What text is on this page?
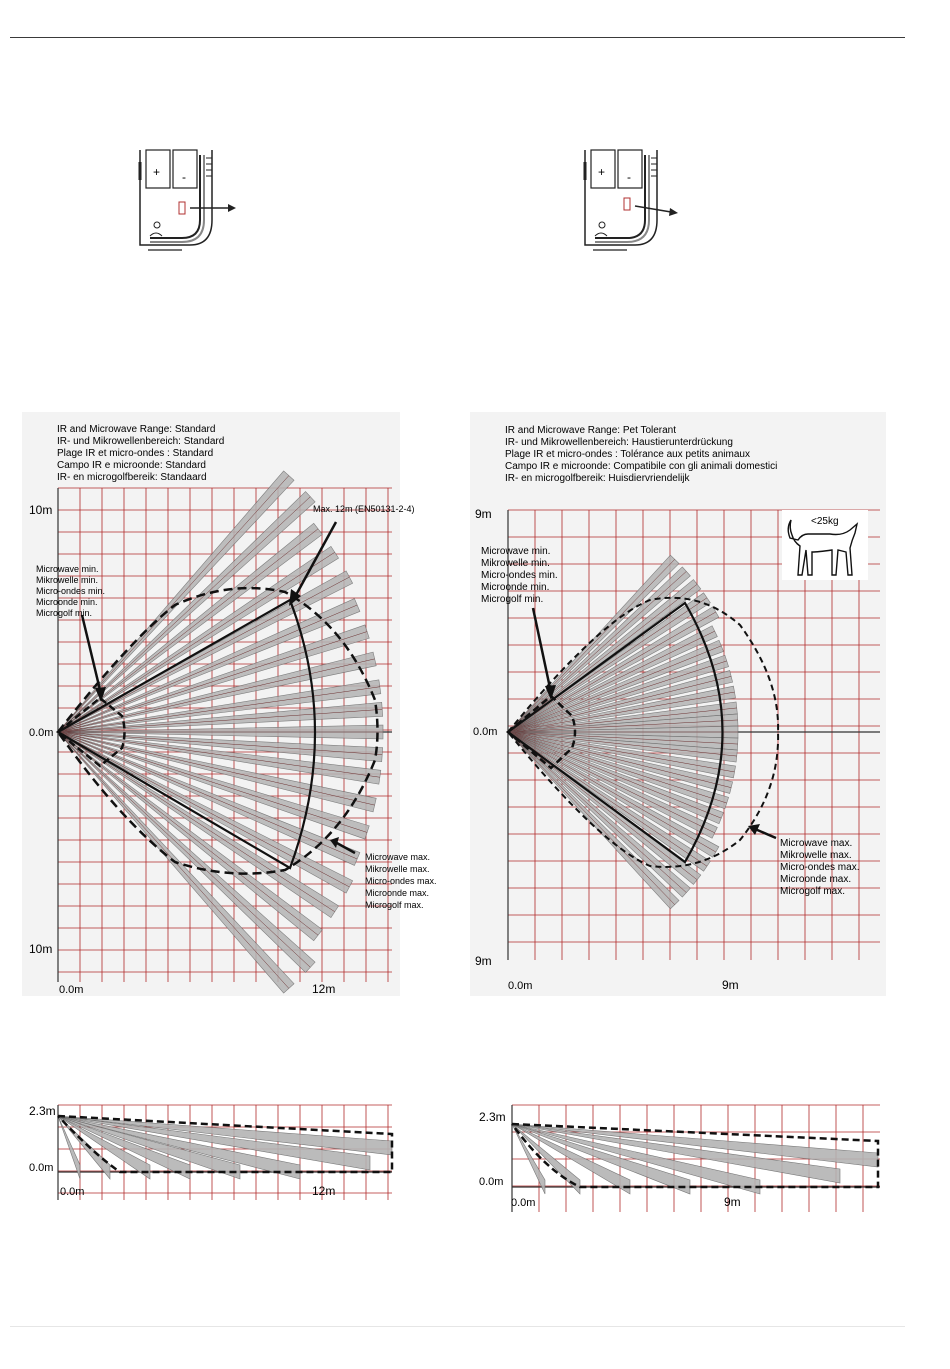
+ -	+ -
IR and Microwave Range: Standard
IR- und Mikrowellenbereich: Standard
Plage IR et micro-ondes : Standard
Campo IR e microonde: Standard
IR- en microgolfbereik: Standaard
10m
0.0m
10m
0.0m	12m
Max. 12m (EN50131-2-4)
Microwave min.
Mikrowelle min.
Micro-ondes min.
Microonde min.
Microgolf min.
Microwave max.
Mikrowelle max.
Micro-ondes max.
Microonde max.
Microgolf max.
<25kg
IR and Microwave Range: Pet Tolerant
IR- und Mikrowellenbereich: Haustierunterdrückung
Plage IR et micro-ondes : Tolérance aux petits animaux
Campo IR e microonde: Compatibile con gli animali domestici
IR- en microgolfbereik: Huisdiervriendelijk
9m
0.0m
9m
0.0m	9m
Microwave min.
Mikrowelle min.
Micro-ondes min.
Microonde min.
Microgolf min.
Microwave max.
Mikrowelle max.
Micro-ondes max.
Microonde max.
Microgolf max.
2.3m
0.0m
0.0m	12m
2.3m
0.0m
0.0m	9m
